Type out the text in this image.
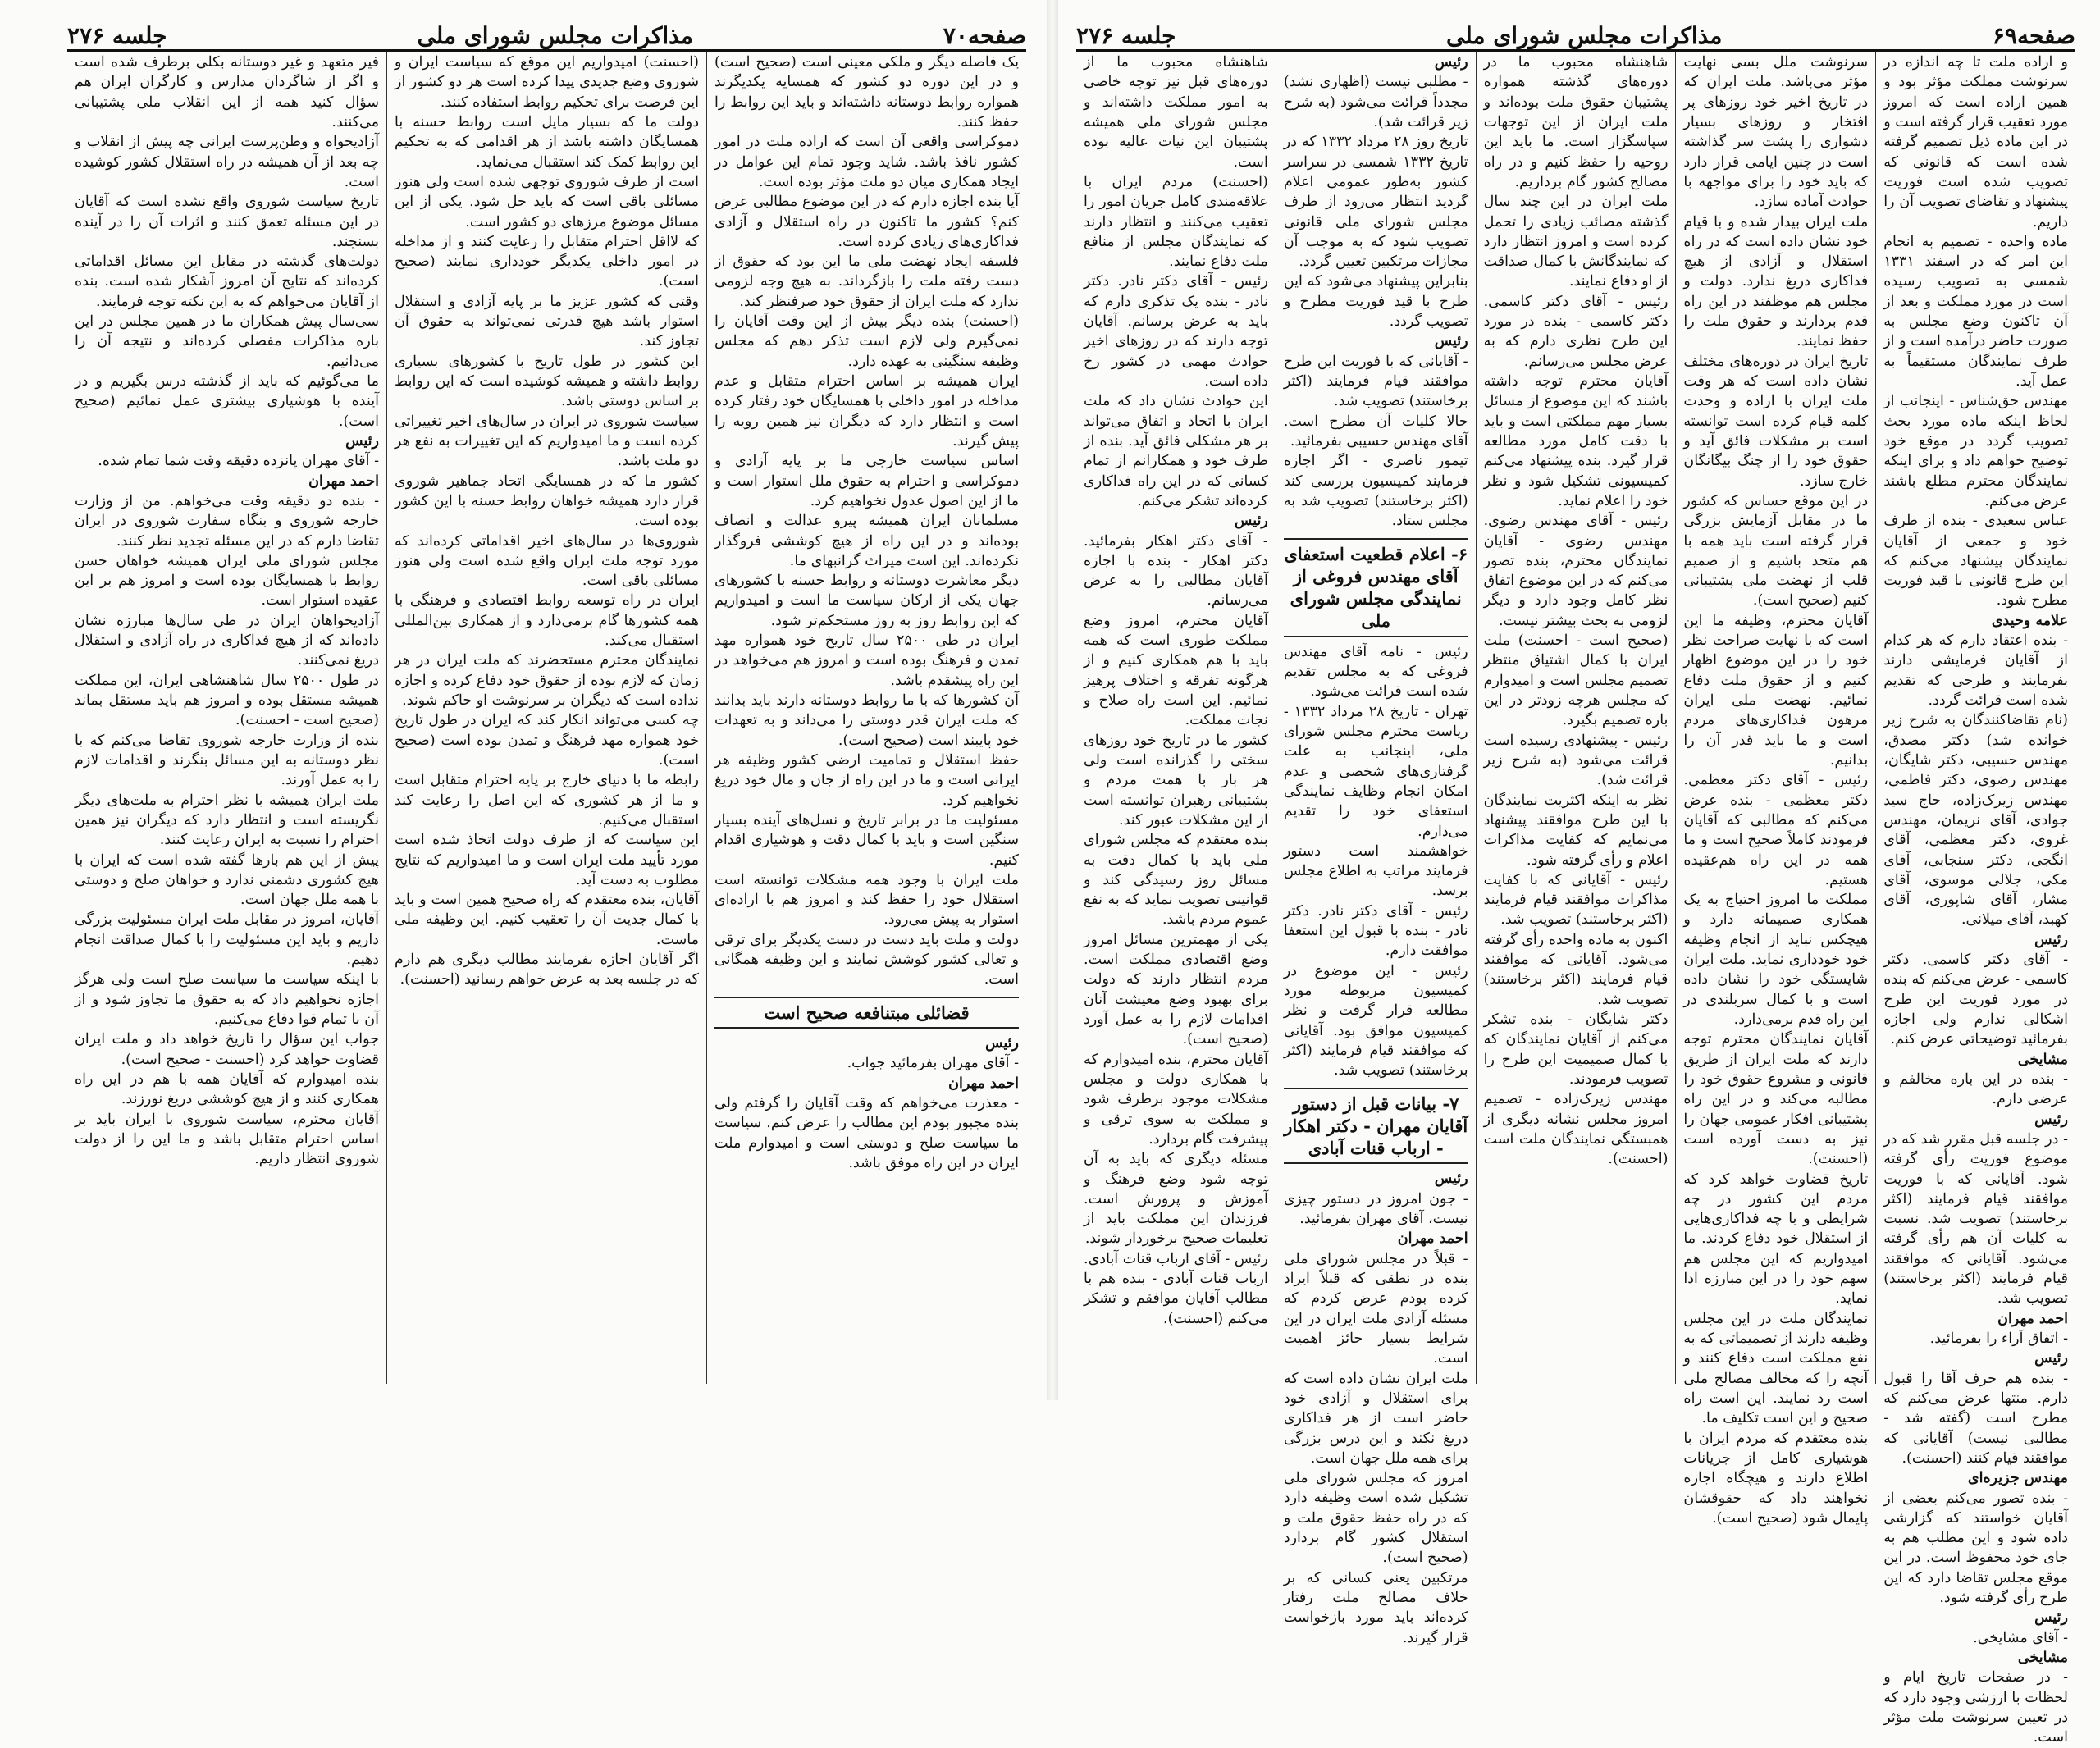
صفحه۶۹
مذاکرات مجلس شورای ملی
جلسه ۲۷۶

و اراده ملت تا چه اندازه در سرنوشت مملکت مؤثر بود و همین اراده است که امروز مورد تعقیب قرار گرفته است و در این ماده ذیل تصمیم گرفته شده است که قانونی که تصویب شده است فوریت پیشنهاد و تقاضای تصویب آن را داریم.

ماده واحده - تصمیم به انجام این امر که در اسفند ۱۳۳۱ شمسی به تصویب رسیده است در مورد مملکت و بعد از آن تاکنون وضع مجلس به صورت حاضر درآمده است و از طرف نمایندگان مستقیماً به عمل آید.

مهندس حق‌شناس - اینجانب از لحاظ اینکه ماده مورد بحث تصویب گردد در موقع خود توضیح خواهم داد و برای اینکه نمایندگان محترم مطلع باشند عرض می‌کنم.

عباس سعیدی - بنده از طرف خود و جمعی از آقایان نمایندگان پیشنهاد می‌کنم که این طرح قانونی با قید فوریت مطرح شود.

علامه وحیدی

- بنده اعتقاد دارم که هر کدام از آقایان فرمایشی دارند بفرمایند و طرحی که تقدیم شده است قرائت گردد.

(نام تقاضاکنندگان به شرح زیر خوانده شد) دکتر مصدق، مهندس حسیبی، دکتر شایگان، مهندس رضوی، دکتر فاطمی، مهندس زیرک‌زاده، حاج سید جوادی، آقای نریمان، مهندس غروی، دکتر معظمی، آقای انگجی، دکتر سنجابی، آقای مکی، جلالی موسوی، آقای مشار، آقای شاپوری، آقای کهبد، آقای میلانی.

رئیس

- آقای دکتر کاسمی. دکتر کاسمی - عرض می‌کنم که بنده در مورد فوریت این طرح اشکالی ندارم ولی اجازه بفرمائید توضیحاتی عرض کنم.

مشایخی

- بنده در این باره مخالفم و عرضی دارم.

رئیس

- در جلسه قبل مقرر شد که در موضوع فوریت رأی گرفته شود. آقایانی که با فوریت موافقند قیام فرمایند (اکثر برخاستند) تصویب شد. نسبت به کلیات آن هم رأی گرفته می‌شود. آقایانی که موافقند قیام فرمایند (اکثر برخاستند) تصویب شد.

احمد مهران

- اتفاق آراء را بفرمائید.

رئیس

- بنده هم حرف آقا را قبول دارم. منتها عرض می‌کنم که مطرح است (گفته شد - مطالبی نیست) آقایانی که موافقند قیام کنند (احسنت).

مهندس جزیره‌ای

- بنده تصور می‌کنم بعضی از آقایان خواستند که گزارشی داده شود و این مطلب هم به جای خود محفوظ است. در این موقع مجلس تقاضا دارد که این طرح رأی گرفته شود.

رئیس

- آقای مشایخی.

مشایخی

- در صفحات تاریخ ایام و لحظات با ارزشی وجود دارد که در تعیین سرنوشت ملت مؤثر است.

سرنوشت ملل بسی نهایت مؤثر می‌باشد. ملت ایران که در تاریخ اخیر خود روزهای پر افتخار و روزهای بسیار دشواری را پشت سر گذاشته است در چنین ایامی قرار دارد که باید خود را برای مواجهه با حوادث آماده سازد.

ملت ایران بیدار شده و با قیام خود نشان داده است که در راه استقلال و آزادی از هیچ فداکاری دریغ ندارد. دولت و مجلس هم موظفند در این راه قدم بردارند و حقوق ملت را حفظ نمایند.

تاریخ ایران در دوره‌های مختلف نشان داده است که هر وقت ملت ایران با اراده و وحدت کلمه قیام کرده است توانسته است بر مشکلات فائق آید و حقوق خود را از چنگ بیگانگان خارج سازد.

در این موقع حساس که کشور ما در مقابل آزمایش بزرگی قرار گرفته است باید همه با هم متحد باشیم و از صمیم قلب از نهضت ملی پشتیبانی کنیم (صحیح است).

آقایان محترم، وظیفه ما این است که با نهایت صراحت نظر خود را در این موضوع اظهار کنیم و از حقوق ملت دفاع نمائیم. نهضت ملی ایران مرهون فداکاری‌های مردم است و ما باید قدر آن را بدانیم.

رئیس - آقای دکتر معظمی. دکتر معظمی - بنده عرض می‌کنم که مطالبی که آقایان فرمودند کاملاً صحیح است و ما همه در این راه هم‌عقیده هستیم.

مملکت ما امروز احتیاج به یک همکاری صمیمانه دارد و هیچکس نباید از انجام وظیفه خود خودداری نماید. ملت ایران شایستگی خود را نشان داده است و با کمال سربلندی در این راه قدم برمی‌دارد.

آقایان نمایندگان محترم توجه دارند که ملت ایران از طریق قانونی و مشروع حقوق خود را مطالبه می‌کند و در این راه پشتیبانی افکار عمومی جهان را نیز به دست آورده است (احسنت).

تاریخ قضاوت خواهد کرد که مردم این کشور در چه شرایطی و با چه فداکاری‌هایی از استقلال خود دفاع کردند. ما امیدواریم که این مجلس هم سهم خود را در این مبارزه ادا نماید.

نمایندگان ملت در این مجلس وظیفه دارند از تصمیماتی که به نفع مملکت است دفاع کنند و آنچه را که مخالف مصالح ملی است رد نمایند. این است راه صحیح و این است تکلیف ما.

بنده معتقدم که مردم ایران با هوشیاری کامل از جریانات اطلاع دارند و هیچگاه اجازه نخواهند داد که حقوقشان پایمال شود (صحیح است).

شاهنشاه محبوب ما در دوره‌های گذشته همواره پشتیبان حقوق ملت بوده‌اند و ملت ایران از این توجهات سپاسگزار است. ما باید این روحیه را حفظ کنیم و در راه مصالح کشور گام برداریم.

ملت ایران در این چند سال گذشته مصائب زیادی را تحمل کرده است و امروز انتظار دارد که نمایندگانش با کمال صداقت از او دفاع نمایند.

رئیس - آقای دکتر کاسمی. دکتر کاسمی - بنده در مورد این طرح نظری دارم که به عرض مجلس می‌رسانم.

آقایان محترم توجه داشته باشند که این موضوع از مسائل بسیار مهم مملکتی است و باید با دقت کامل مورد مطالعه قرار گیرد. بنده پیشنهاد می‌کنم کمیسیونی تشکیل شود و نظر خود را اعلام نماید.

رئیس - آقای مهندس رضوی. مهندس رضوی - آقایان نمایندگان محترم، بنده تصور می‌کنم که در این موضوع اتفاق نظر کامل وجود دارد و دیگر لزومی به بحث بیشتر نیست.

(صحیح است - احسنت) ملت ایران با کمال اشتیاق منتظر تصمیم مجلس است و امیدوارم که مجلس هرچه زودتر در این باره تصمیم بگیرد.

رئیس - پیشنهادی رسیده است قرائت می‌شود (به شرح زیر قرائت شد).

نظر به اینکه اکثریت نمایندگان با این طرح موافقند پیشنهاد می‌نمایم که کفایت مذاکرات اعلام و رأی گرفته شود.

رئیس - آقایانی که با کفایت مذاکرات موافقند قیام فرمایند (اکثر برخاستند) تصویب شد.

اکنون به ماده واحده رأی گرفته می‌شود. آقایانی که موافقند قیام فرمایند (اکثر برخاستند) تصویب شد.

دکتر شایگان - بنده تشکر می‌کنم از آقایان نمایندگان که با کمال صمیمیت این طرح را تصویب فرمودند.

مهندس زیرک‌زاده - تصمیم امروز مجلس نشانه دیگری از همبستگی نمایندگان ملت است (احسنت).

رئیس

- مطلبی نیست (اظهاری نشد) مجدداً قرائت می‌شود (به شرح زیر قرائت شد).

تاریخ روز ۲۸ مرداد ۱۳۳۲ که در تاریخ ۱۳۳۲ شمسی در سراسر کشور به‌طور عمومی اعلام گردید انتظار می‌رود از طرف مجلس شورای ملی قانونی تصویب شود که به موجب آن مجازات مرتکبین تعیین گردد.

بنابراین پیشنهاد می‌شود که این طرح با قید فوریت مطرح و تصویب گردد.

رئیس

- آقایانی که با فوریت این طرح موافقند قیام فرمایند (اکثر برخاستند) تصویب شد.

حالا کلیات آن مطرح است. آقای مهندس حسیبی بفرمائید.

تیمور ناصری - اگر اجازه فرمایند کمیسیون بررسی کند (اکثر برخاستند) تصویب شد به مجلس ستاد.

۶- اعلام قطعیت استعفای آقای مهندس فروغی از نمایندگی مجلس شورای ملی

رئیس - نامه آقای مهندس فروغی که به مجلس تقدیم شده است قرائت می‌شود.

تهران - تاریخ ۲۸ مرداد ۱۳۳۲ - ریاست محترم مجلس شورای ملی، اینجانب به علت گرفتاری‌های شخصی و عدم امکان انجام وظایف نمایندگی استعفای خود را تقدیم می‌دارم.

خواهشمند است دستور فرمایند مراتب به اطلاع مجلس برسد.

رئیس - آقای دکتر نادر. دکتر نادر - بنده با قبول این استعفا موافقت دارم.

رئیس - این موضوع در کمیسیون مربوطه مورد مطالعه قرار گرفت و نظر کمیسیون موافق بود. آقایانی که موافقند قیام فرمایند (اکثر برخاستند) تصویب شد.

۷- بیانات قبل از دستور آقایان مهران - دکتر اهکار - ارباب قنات آبادی

رئیس

- جون امروز در دستور چیزی نیست، آقای مهران بفرمائید.

احمد مهران

- قبلاً در مجلس شورای ملی بنده در نطقی که قبلاً ایراد کرده بودم عرض کردم که مسئله آزادی ملت ایران در این شرایط بسیار حائز اهمیت است.

ملت ایران نشان داده است که برای استقلال و آزادی خود حاضر است از هر فداکاری دریغ نکند و این درس بزرگی برای همه ملل جهان است.

امروز که مجلس شورای ملی تشکیل شده است وظیفه دارد که در راه حفظ حقوق ملت و استقلال کشور گام بردارد (صحیح است).

مرتکبین یعنی کسانی که بر خلاف مصالح ملت رفتار کرده‌اند باید مورد بازخواست قرار گیرند.

شاهنشاه محبوب ما از دوره‌های قبل نیز توجه خاصی به امور مملکت داشته‌اند و مجلس شورای ملی همیشه پشتیبان این نیات عالیه بوده است.

(احسنت) مردم ایران با علاقه‌مندی کامل جریان امور را تعقیب می‌کنند و انتظار دارند که نمایندگان مجلس از منافع ملت دفاع نمایند.

رئیس - آقای دکتر نادر. دکتر نادر - بنده یک تذکری دارم که باید به عرض برسانم. آقایان توجه دارند که در روزهای اخیر حوادث مهمی در کشور رخ داده است.

این حوادث نشان داد که ملت ایران با اتحاد و اتفاق می‌تواند بر هر مشکلی فائق آید. بنده از طرف خود و همکارانم از تمام کسانی که در این راه فداکاری کرده‌اند تشکر می‌کنم.

رئیس

- آقای دکتر اهکار بفرمائید. دکتر اهکار - بنده با اجازه آقایان مطالبی را به عرض می‌رسانم.

آقایان محترم، امروز وضع مملکت طوری است که همه باید با هم همکاری کنیم و از هرگونه تفرقه و اختلاف پرهیز نمائیم. این است راه صلاح و نجات مملکت.

کشور ما در تاریخ خود روزهای سختی را گذرانده است ولی هر بار با همت مردم و پشتیبانی رهبران توانسته است از این مشکلات عبور کند.

بنده معتقدم که مجلس شورای ملی باید با کمال دقت به مسائل روز رسیدگی کند و قوانینی تصویب نماید که به نفع عموم مردم باشد.

یکی از مهمترین مسائل امروز وضع اقتصادی مملکت است. مردم انتظار دارند که دولت برای بهبود وضع معیشت آنان اقدامات لازم را به عمل آورد (صحیح است).

آقایان محترم، بنده امیدوارم که با همکاری دولت و مجلس مشکلات موجود برطرف شود و مملکت به سوی ترقی و پیشرفت گام بردارد.

مسئله دیگری که باید به آن توجه شود وضع فرهنگ و آموزش و پرورش است. فرزندان این مملکت باید از تعلیمات صحیح برخوردار شوند.

رئیس - آقای ارباب قنات آبادی. ارباب قنات آبادی - بنده هم با مطالب آقایان موافقم و تشکر می‌کنم (احسنت).

صفحه۷۰
مذاکرات مجلس شورای ملی
جلسه ۲۷۶

یک فاصله دیگر و ملکی معینی است (صحیح است) و در این دوره دو کشور که همسایه یکدیگرند همواره روابط دوستانه داشته‌اند و باید این روابط را حفظ کنند.

دموکراسی واقعی آن است که اراده ملت در امور کشور نافذ باشد. شاید وجود تمام این عوامل در ایجاد همکاری میان دو ملت مؤثر بوده است.

آیا بنده اجازه دارم که در این موضوع مطالبی عرض کنم؟ کشور ما تاکنون در راه استقلال و آزادی فداکاری‌های زیادی کرده است.

فلسفه ایجاد نهضت ملی ما این بود که حقوق از دست رفته ملت را بازگرداند. به هیچ وجه لزومی ندارد که ملت ایران از حقوق خود صرفنظر کند.

(احسنت) بنده دیگر بیش از این وقت آقایان را نمی‌گیرم ولی لازم است تذکر دهم که مجلس وظیفه سنگینی به عهده دارد.

ایران همیشه بر اساس احترام متقابل و عدم مداخله در امور داخلی با همسایگان خود رفتار کرده است و انتظار دارد که دیگران نیز همین رویه را پیش گیرند.

اساس سیاست خارجی ما بر پایه آزادی و دموکراسی و احترام به حقوق ملل استوار است و ما از این اصول عدول نخواهیم کرد.

مسلمانان ایران همیشه پیرو عدالت و انصاف بوده‌اند و در این راه از هیچ کوششی فروگذار نکرده‌اند. این است میراث گرانبهای ما.

دیگر معاشرت دوستانه و روابط حسنه با کشورهای جهان یکی از ارکان سیاست ما است و امیدواریم که این روابط روز به روز مستحکم‌تر شود.

ایران در طی ۲۵۰۰ سال تاریخ خود همواره مهد تمدن و فرهنگ بوده است و امروز هم می‌خواهد در این راه پیشقدم باشد.

آن کشورها که با ما روابط دوستانه دارند باید بدانند که ملت ایران قدر دوستی را می‌داند و به تعهدات خود پایبند است (صحیح است).

حفظ استقلال و تمامیت ارضی کشور وظیفه هر ایرانی است و ما در این راه از جان و مال خود دریغ نخواهیم کرد.

مسئولیت ما در برابر تاریخ و نسل‌های آینده بسیار سنگین است و باید با کمال دقت و هوشیاری اقدام کنیم.

ملت ایران با وجود همه مشکلات توانسته است استقلال خود را حفظ کند و امروز هم با اراده‌ای استوار به پیش می‌رود.

دولت و ملت باید دست در دست یکدیگر برای ترقی و تعالی کشور کوشش نمایند و این وظیفه همگانی است.

قضائلی مبتنافعه صحیح است

رئیس

- آقای مهران بفرمائید جواب.

احمد مهران

- معذرت می‌خواهم که وقت آقایان را گرفتم ولی بنده مجبور بودم این مطالب را عرض کنم. سیاست ما سیاست صلح و دوستی است و امیدوارم ملت ایران در این راه موفق باشد.

(احسنت) امیدواریم این موقع که سیاست ایران و شوروی وضع جدیدی پیدا کرده است هر دو کشور از این فرصت برای تحکیم روابط استفاده کنند.

دولت ما که بسیار مایل است روابط حسنه با همسایگان داشته باشد از هر اقدامی که به تحکیم این روابط کمک کند استقبال می‌نماید.

است از طرف شوروی توجهی شده است ولی هنوز مسائلی باقی است که باید حل شود. یکی از این مسائل موضوع مرزهای دو کشور است.

که لااقل احترام متقابل را رعایت کنند و از مداخله در امور داخلی یکدیگر خودداری نمایند (صحیح است).

وقتی که کشور عزیز ما بر پایه آزادی و استقلال استوار باشد هیچ قدرتی نمی‌تواند به حقوق آن تجاوز کند.

این کشور در طول تاریخ با کشورهای بسیاری روابط داشته و همیشه کوشیده است که این روابط بر اساس دوستی باشد.

سیاست شوروی در ایران در سال‌های اخیر تغییراتی کرده است و ما امیدواریم که این تغییرات به نفع هر دو ملت باشد.

کشور ما که در همسایگی اتحاد جماهیر شوروی قرار دارد همیشه خواهان روابط حسنه با این کشور بوده است.

شوروی‌ها در سال‌های اخیر اقداماتی کرده‌اند که مورد توجه ملت ایران واقع شده است ولی هنوز مسائلی باقی است.

ایران در راه توسعه روابط اقتصادی و فرهنگی با همه کشورها گام برمی‌دارد و از همکاری بین‌المللی استقبال می‌کند.

نمایندگان محترم مستحضرند که ملت ایران در هر زمان که لازم بوده از حقوق خود دفاع کرده و اجازه نداده است که دیگران بر سرنوشت او حاکم شوند.

چه کسی می‌تواند انکار کند که ایران در طول تاریخ خود همواره مهد فرهنگ و تمدن بوده است (صحیح است).

رابطه ما با دنیای خارج بر پایه احترام متقابل است و ما از هر کشوری که این اصل را رعایت کند استقبال می‌کنیم.

این سیاست که از طرف دولت اتخاذ شده است مورد تأیید ملت ایران است و ما امیدواریم که نتایج مطلوب به دست آید.

آقایان، بنده معتقدم که راه صحیح همین است و باید با کمال جدیت آن را تعقیب کنیم. این وظیفه ملی ماست.

اگر آقایان اجازه بفرمایند مطالب دیگری هم دارم که در جلسه بعد به عرض خواهم رسانید (احسنت).

فیر متعهد و غیر دوستانه بکلی برطرف شده است و اگر از شاگردان مدارس و کارگران ایران هم سؤال کنید همه از این انقلاب ملی پشتیبانی می‌کنند.

آزادیخواه و وطن‌پرست ایرانی چه پیش از انقلاب و چه بعد از آن همیشه در راه استقلال کشور کوشیده است.

تاریخ سیاست شوروی واقع نشده است که آقایان در این مسئله تعمق کنند و اثرات آن را در آینده بسنجند.

دولت‌های گذشته در مقابل این مسائل اقداماتی کرده‌اند که نتایج آن امروز آشکار شده است. بنده از آقایان می‌خواهم که به این نکته توجه فرمایند.

سی‌سال پیش همکاران ما در همین مجلس در این باره مذاکرات مفصلی کرده‌اند و نتیجه آن را می‌دانیم.

ما می‌گوئیم که باید از گذشته درس بگیریم و در آینده با هوشیاری بیشتری عمل نمائیم (صحیح است).

رئیس

- آقای مهران پانزده دقیقه وقت شما تمام شده.

احمد مهران

- بنده دو دقیقه وقت می‌خواهم. من از وزارت خارجه شوروی و بنگاه سفارت شوروی در ایران تقاضا دارم که در این مسئله تجدید نظر کنند.

مجلس شورای ملی ایران همیشه خواهان حسن روابط با همسایگان بوده است و امروز هم بر این عقیده استوار است.

آزادیخواهان ایران در طی سال‌ها مبارزه نشان داده‌اند که از هیچ فداکاری در راه آزادی و استقلال دریغ نمی‌کنند.

در طول ۲۵۰۰ سال شاهنشاهی ایران، این مملکت همیشه مستقل بوده و امروز هم باید مستقل بماند (صحیح است - احسنت).

بنده از وزارت خارجه شوروی تقاضا می‌کنم که با نظر دوستانه به این مسائل بنگرند و اقدامات لازم را به عمل آورند.

ملت ایران همیشه با نظر احترام به ملت‌های دیگر نگریسته است و انتظار دارد که دیگران نیز همین احترام را نسبت به ایران رعایت کنند.

پیش از این هم بارها گفته شده است که ایران با هیچ کشوری دشمنی ندارد و خواهان صلح و دوستی با همه ملل جهان است.

آقایان، امروز در مقابل ملت ایران مسئولیت بزرگی داریم و باید این مسئولیت را با کمال صداقت انجام دهیم.

با اینکه سیاست ما سیاست صلح است ولی هرگز اجازه نخواهیم داد که به حقوق ما تجاوز شود و از آن با تمام قوا دفاع می‌کنیم.

جواب این سؤال را تاریخ خواهد داد و ملت ایران قضاوت خواهد کرد (احسنت - صحیح است).

بنده امیدوارم که آقایان همه با هم در این راه همکاری کنند و از هیچ کوششی دریغ نورزند.

آقایان محترم، سیاست شوروی با ایران باید بر اساس احترام متقابل باشد و ما این را از دولت شوروی انتظار داریم.
